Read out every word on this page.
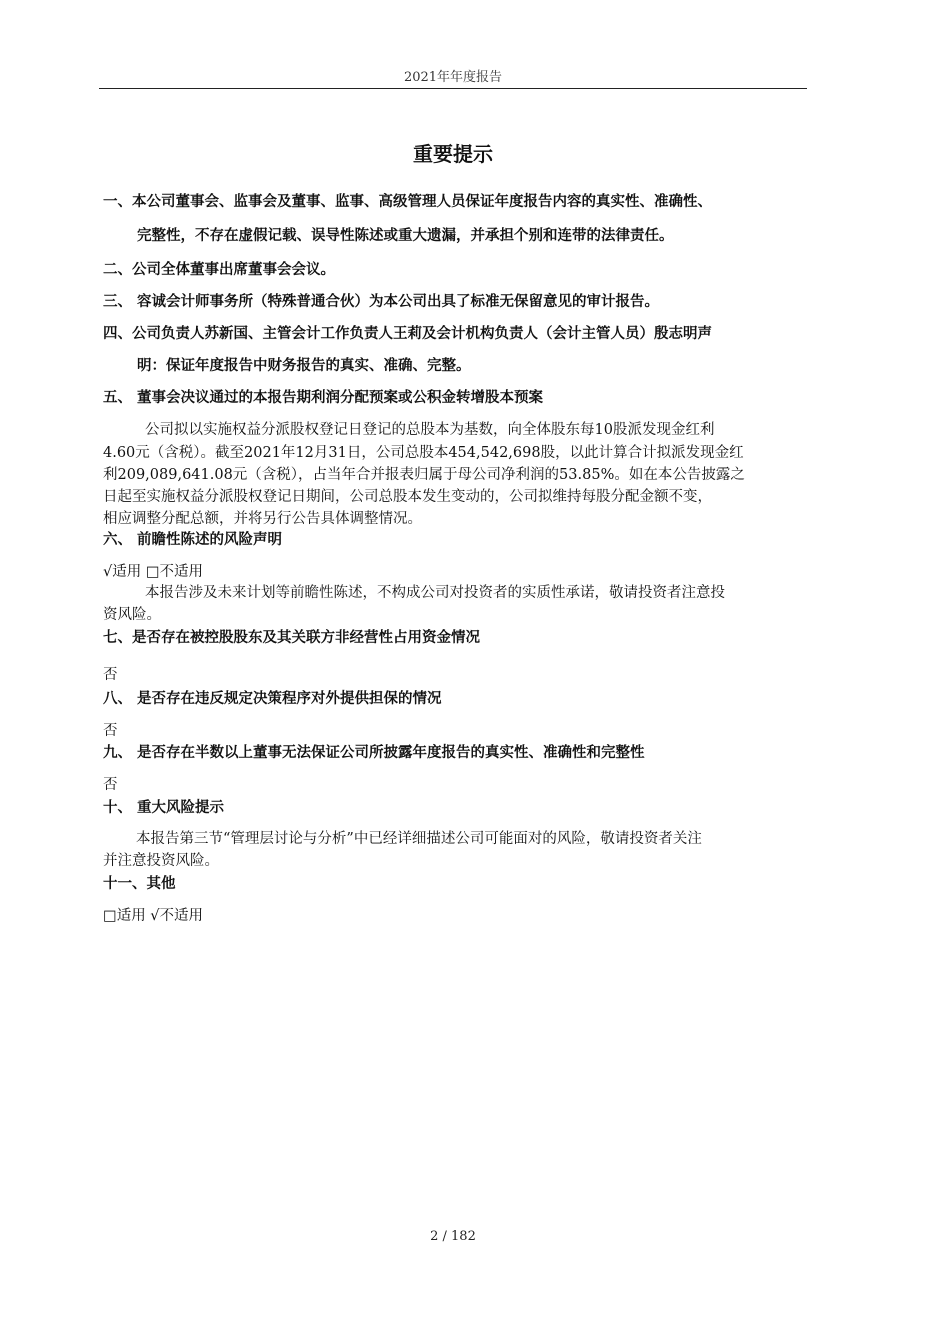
2021年年度报告
重要提示
一、本公司董事会、监事会及董事、监事、高级管理人员保证年度报告内容的真实性、准确性、
完整性，不存在虚假记载、误导性陈述或重大遗漏，并承担个别和连带的法律责任。
二、公司全体董事出席董事会会议。
三、 容诚会计师事务所（特殊普通合伙）为本公司出具了标准无保留意见的审计报告。
四、公司负责人苏新国、主管会计工作负责人王莉及会计机构负责人（会计主管人员）殷志明声
明：保证年度报告中财务报告的真实、准确、完整。
五、 董事会决议通过的本报告期利润分配预案或公积金转增股本预案
公司拟以实施权益分派股权登记日登记的总股本为基数，向全体股东每10股派发现金红利
4.60元（含税）。截至2021年12月31日，公司总股本454,542,698股，以此计算合计拟派发现金红
利209,089,641.08元（含税），占当年合并报表归属于母公司净利润的53.85%。如在本公告披露之
日起至实施权益分派股权登记日期间，公司总股本发生变动的，公司拟维持每股分配金额不变，
相应调整分配总额，并将另行公告具体调整情况。
六、 前瞻性陈述的风险声明
√适用 □不适用
本报告涉及未来计划等前瞻性陈述，不构成公司对投资者的实质性承诺，敬请投资者注意投
资风险。
七、是否存在被控股股东及其关联方非经营性占用资金情况
否
八、 是否存在违反规定决策程序对外提供担保的情况
否
九、 是否存在半数以上董事无法保证公司所披露年度报告的真实性、准确性和完整性
否
十、 重大风险提示
本报告第三节“管理层讨论与分析”中已经详细描述公司可能面对的风险，敬请投资者关注
并注意投资风险。
十一、其他
□适用 √不适用
2 / 182
